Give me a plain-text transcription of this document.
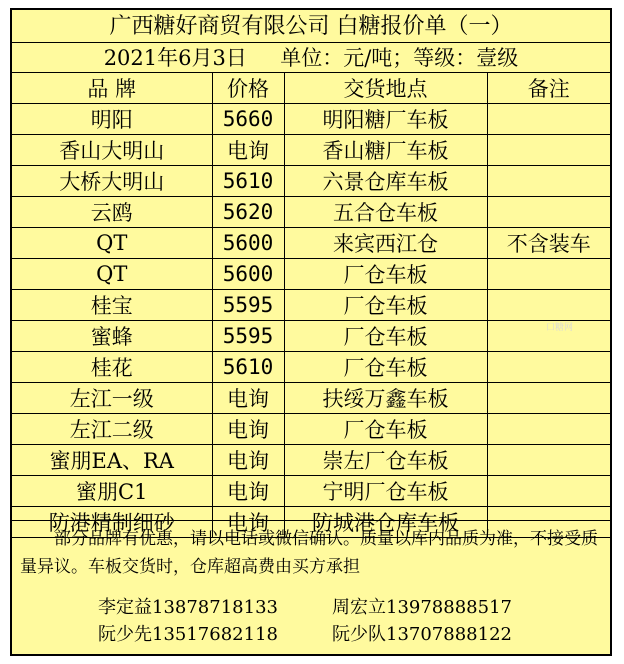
广西糖好商贸有限公司 白糖报价单（一）
2021年6月3日     单位：元/吨；等级：壹级
品 牌	价格	交货地点	备注
明阳	5660	明阳糖厂车板	
香山大明山	电询	香山糖厂车板	
大桥大明山	5610	六景仓库车板	
云鸥	5620	五合仓车板	
QT	5600	来宾西江仓	不含装车
QT	5600	厂仓车板	
桂宝	5595	厂仓车板	
蜜蜂	5595	厂仓车板	
桂花	5610	厂仓车板	
左江一级	电询	扶绥万鑫车板	
左江二级	电询	厂仓车板	
蜜朋EA、RA	电询	崇左厂仓车板	
蜜朋C1	电询	宁明厂仓车板	
防港精制细砂	电询	防城港仓库车板	
口糖网
部分品牌有优惠，请以电话或微信确认。质量以库内品质为准，不接受质量异议。车板交货时，仓库超高费由买方承担
李定益13878718133	周宏立13978888517
阮少先13517682118	阮少队13707888122
